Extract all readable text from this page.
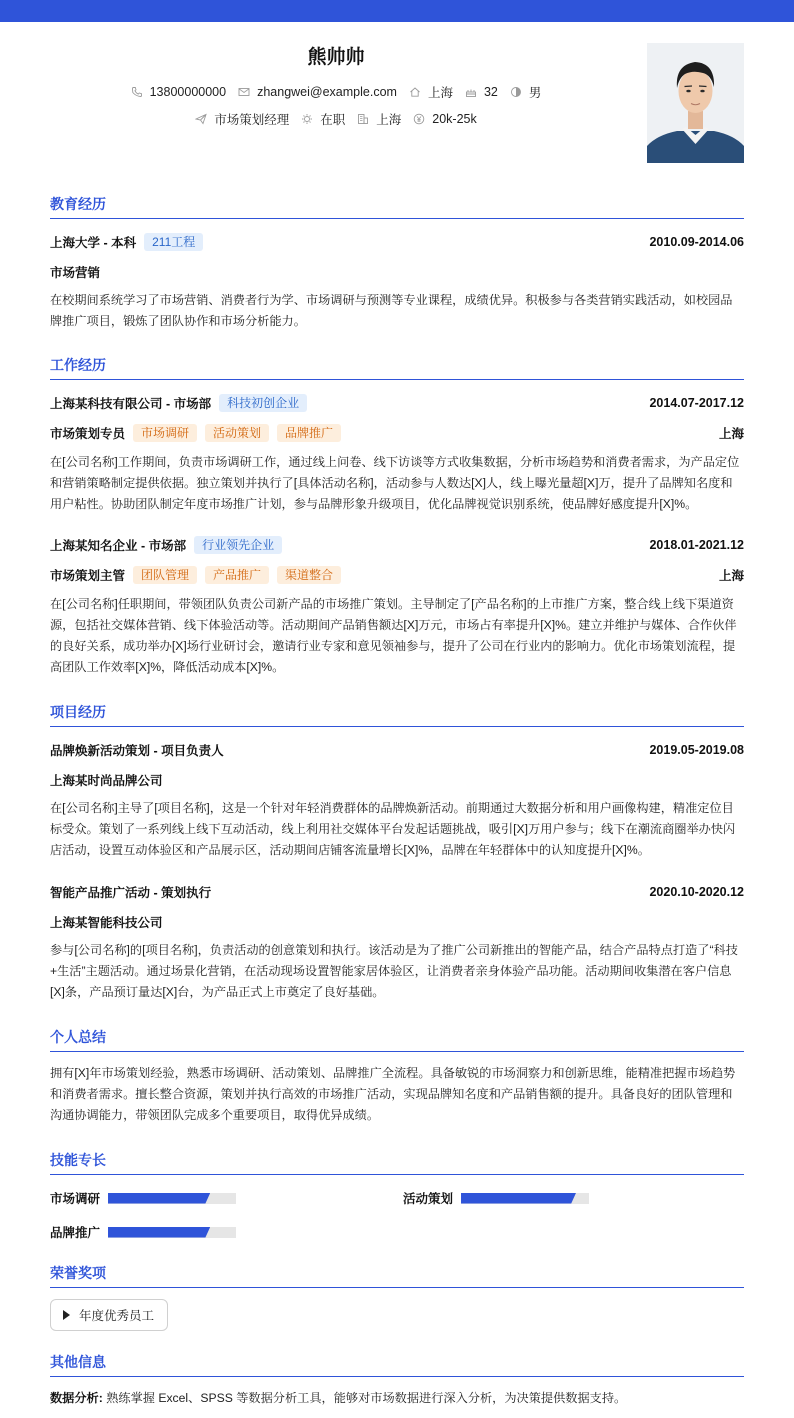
熊帅帅
13800000000 zhangwei@example.com 上海 32 男
市场策划经理 在职 上海 20k-25k
教育经历
上海大学 - 本科	211工程	2010.09-2014.06
市场营销
在校期间系统学习了市场营销、消费者行为学、市场调研与预测等专业课程，成绩优异。积极参与各类营销实践活动，如校园品牌推广项目，锻炼了团队协作和市场分析能力。
工作经历
上海某科技有限公司 - 市场部	科技初创企业	2014.07-2017.12
市场策划专员	市场调研	活动策划	品牌推广	上海
在[公司名称]工作期间，负责市场调研工作，通过线上问卷、线下访谈等方式收集数据，分析市场趋势和消费者需求，为产品定位和营销策略制定提供依据。独立策划并执行了[具体活动名称]，活动参与人数达[X]人，线上曝光量超[X]万，提升了品牌知名度和用户粘性。协助团队制定年度市场推广计划，参与品牌形象升级项目，优化品牌视觉识别系统，使品牌好感度提升[X]%。
上海某知名企业 - 市场部	行业领先企业	2018.01-2021.12
市场策划主管	团队管理	产品推广	渠道整合	上海
在[公司名称]任职期间，带领团队负责公司新产品的市场推广策划。主导制定了[产品名称]的上市推广方案，整合线上线下渠道资源，包括社交媒体营销、线下体验活动等。活动期间产品销售额达[X]万元，市场占有率提升[X]%。建立并维护与媒体、合作伙伴的良好关系，成功举办[X]场行业研讨会，邀请行业专家和意见领袖参与，提升了公司在行业内的影响力。优化市场策划流程，提高团队工作效率[X]%，降低活动成本[X]%。
项目经历
品牌焕新活动策划 - 项目负责人	2019.05-2019.08
上海某时尚品牌公司
在[公司名称]主导了[项目名称]，这是一个针对年轻消费群体的品牌焕新活动。前期通过大数据分析和用户画像构建，精准定位目标受众。策划了一系列线上线下互动活动，线上利用社交媒体平台发起话题挑战，吸引[X]万用户参与；线下在潮流商圈举办快闪店活动，设置互动体验区和产品展示区，活动期间店铺客流量增长[X]%，品牌在年轻群体中的认知度提升[X]%。
智能产品推广活动 - 策划执行	2020.10-2020.12
上海某智能科技公司
参与[公司名称]的[项目名称]，负责活动的创意策划和执行。该活动是为了推广公司新推出的智能产品，结合产品特点打造了“科技+生活”主题活动。通过场景化营销，在活动现场设置智能家居体验区，让消费者亲身体验产品功能。活动期间收集潜在客户信息[X]条，产品预订量达[X]台，为产品正式上市奠定了良好基础。
个人总结
拥有[X]年市场策划经验，熟悉市场调研、活动策划、品牌推广全流程。具备敏锐的市场洞察力和创新思维，能精准把握市场趋势和消费者需求。擅长整合资源，策划并执行高效的市场推广活动，实现品牌知名度和产品销售额的提升。具备良好的团队管理和沟通协调能力，带领团队完成多个重要项目，取得优异成绩。
技能专长
市场调研	活动策划
品牌推广
荣誉奖项
年度优秀员工
其他信息
数据分析: 熟练掌握 Excel、SPSS 等数据分析工具，能够对市场数据进行深入分析，为决策提供数据支持。
